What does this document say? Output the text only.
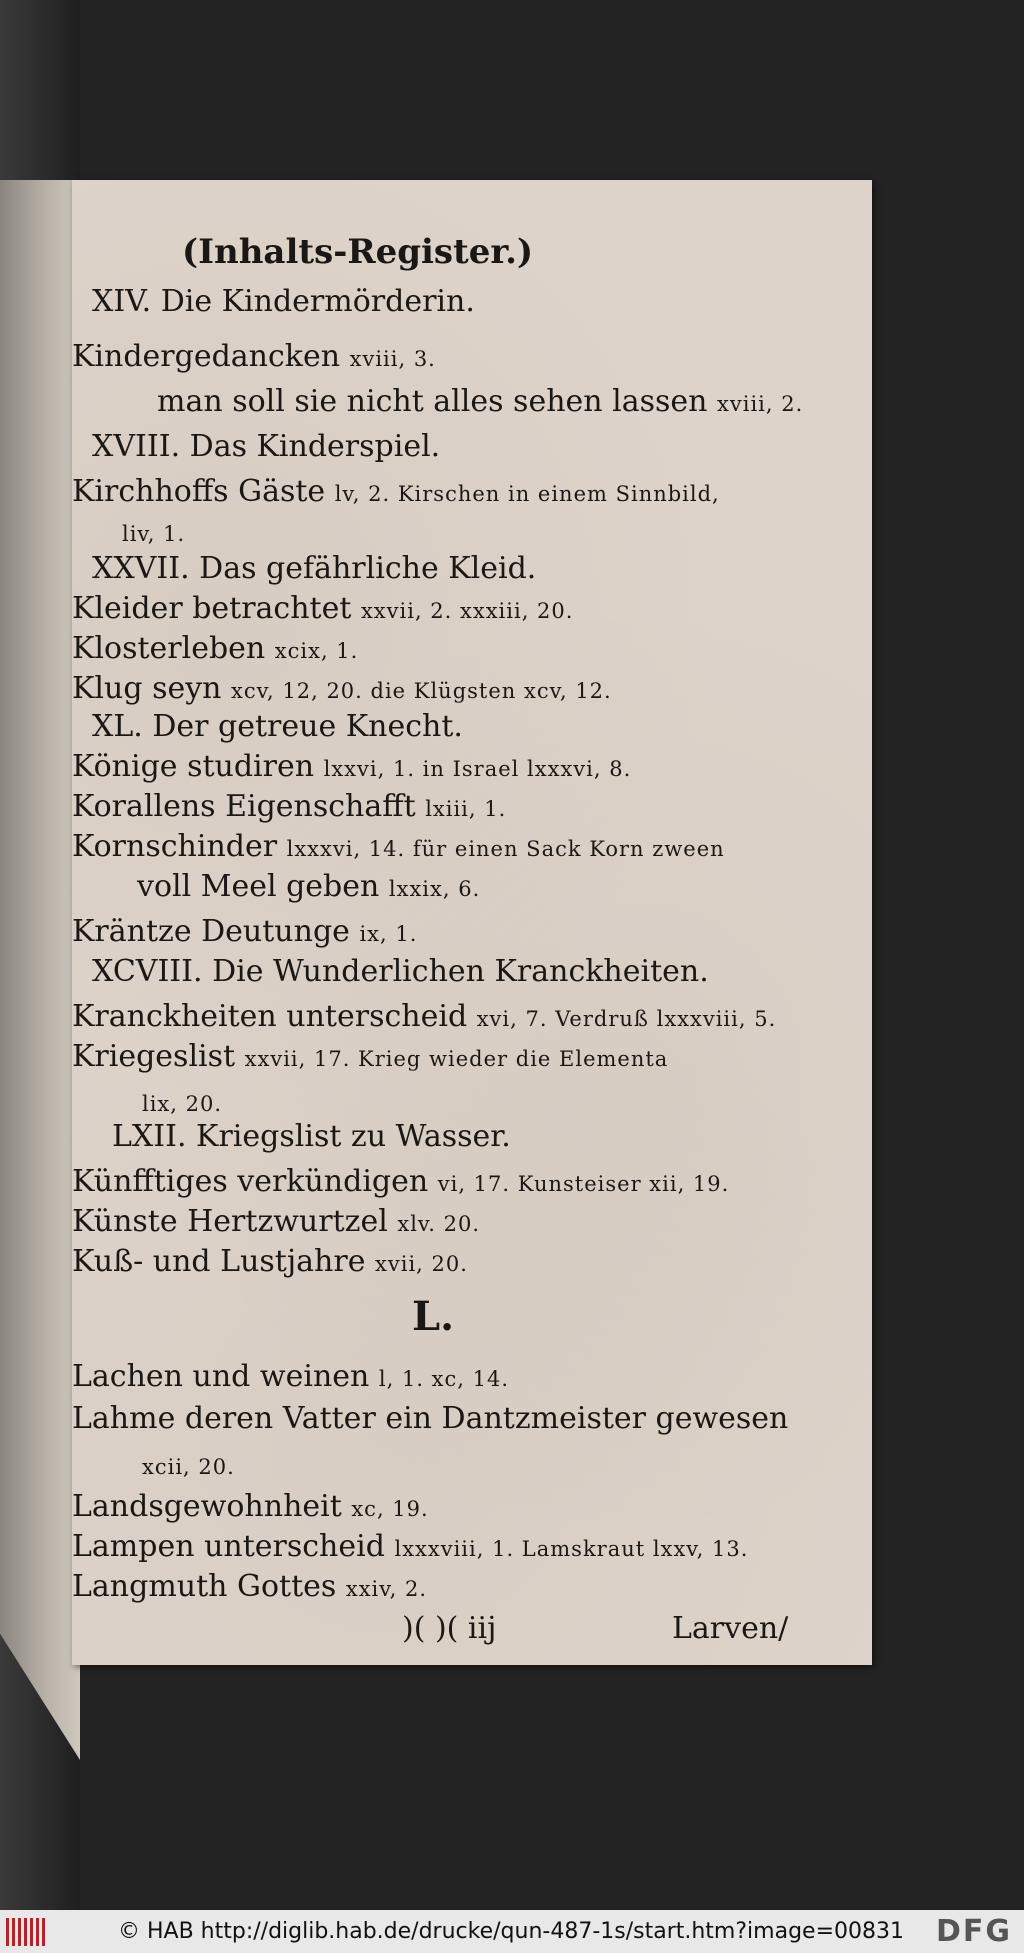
(Inhalts-Register.)
XIV. Die Kindermörderin.
Kindergedancken xviii, 3.
man soll sie nicht alles sehen lassen xviii, 2.
XVIII. Das Kinderspiel.
Kirchhoffs Gäste lv, 2. Kirschen in einem Sinnbild,
liv, 1.
XXVII. Das gefährliche Kleid.
Kleider betrachtet xxvii, 2. xxxiii, 20.
Klosterleben xcix, 1.
Klug seyn xcv, 12, 20. die Klügsten xcv, 12.
XL. Der getreue Knecht.
Könige studiren lxxvi, 1. in Israel lxxxvi, 8.
Korallens Eigenschafft lxiii, 1.
Kornschinder lxxxvi, 14. für einen Sack Korn zween
voll Meel geben lxxix, 6.
Kräntze Deutunge ix, 1.
XCVIII. Die Wunderlichen Kranckheiten.
Kranckheiten unterscheid xvi, 7. Verdruß lxxxviii, 5.
Kriegeslist xxvii, 17. Krieg wieder die Elementa
lix, 20.
LXII. Kriegslist zu Wasser.
Künfftiges verkündigen vi, 17. Kunsteiser xii, 19.
Künste Hertzwurtzel xlv. 20.
Kuß- und Lustjahre xvii, 20.
L.
Lachen und weinen l, 1. xc, 14.
Lahme deren Vatter ein Dantzmeister gewesen
xcii, 20.
Landsgewohnheit xc, 19.
Lampen unterscheid lxxxviii, 1. Lamskraut lxxv, 13.
Langmuth Gottes xxiv, 2.
)( )( iij	Larven/
© HAB http://diglib.hab.de/drucke/qun-487-1s/start.htm?image=00831 DFG
